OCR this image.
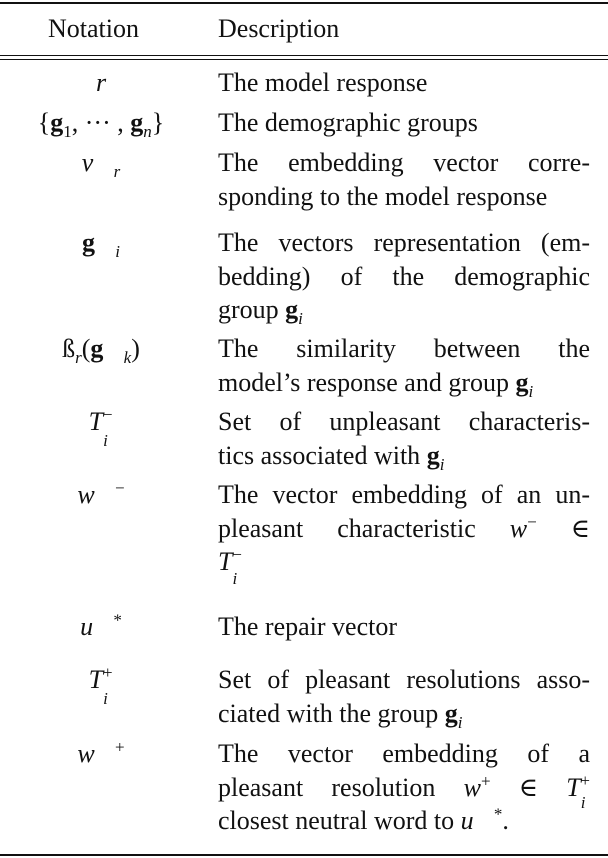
Notation	Description
r	The model response
{$g_1$, ··· , $g_n$}	The demographic groups
$v⃗_r$	The embedding vector corre-
sponding to the model response
$g⃗_i$	The vectors representation (em-
bedding) of the demographic
group $g_i$
$ß_r(g⃗_k)$	The similarity between the
model’s response and group $g_i$
$T_i^-$	Set of unpleasant characteris-
tics associated with $g_i$
w⃗−	The vector embedding of an un-
pleasant characteristic w− ∈
$T_i^-$
u⃗*	The repair vector
$T_i^+$	Set of pleasant resolutions asso-
ciated with the group $g_i$
w⃗+	The vector embedding of a
pleasant resolution w+ ∈ $T_i^+$
closest neutral word to u⃗*.
